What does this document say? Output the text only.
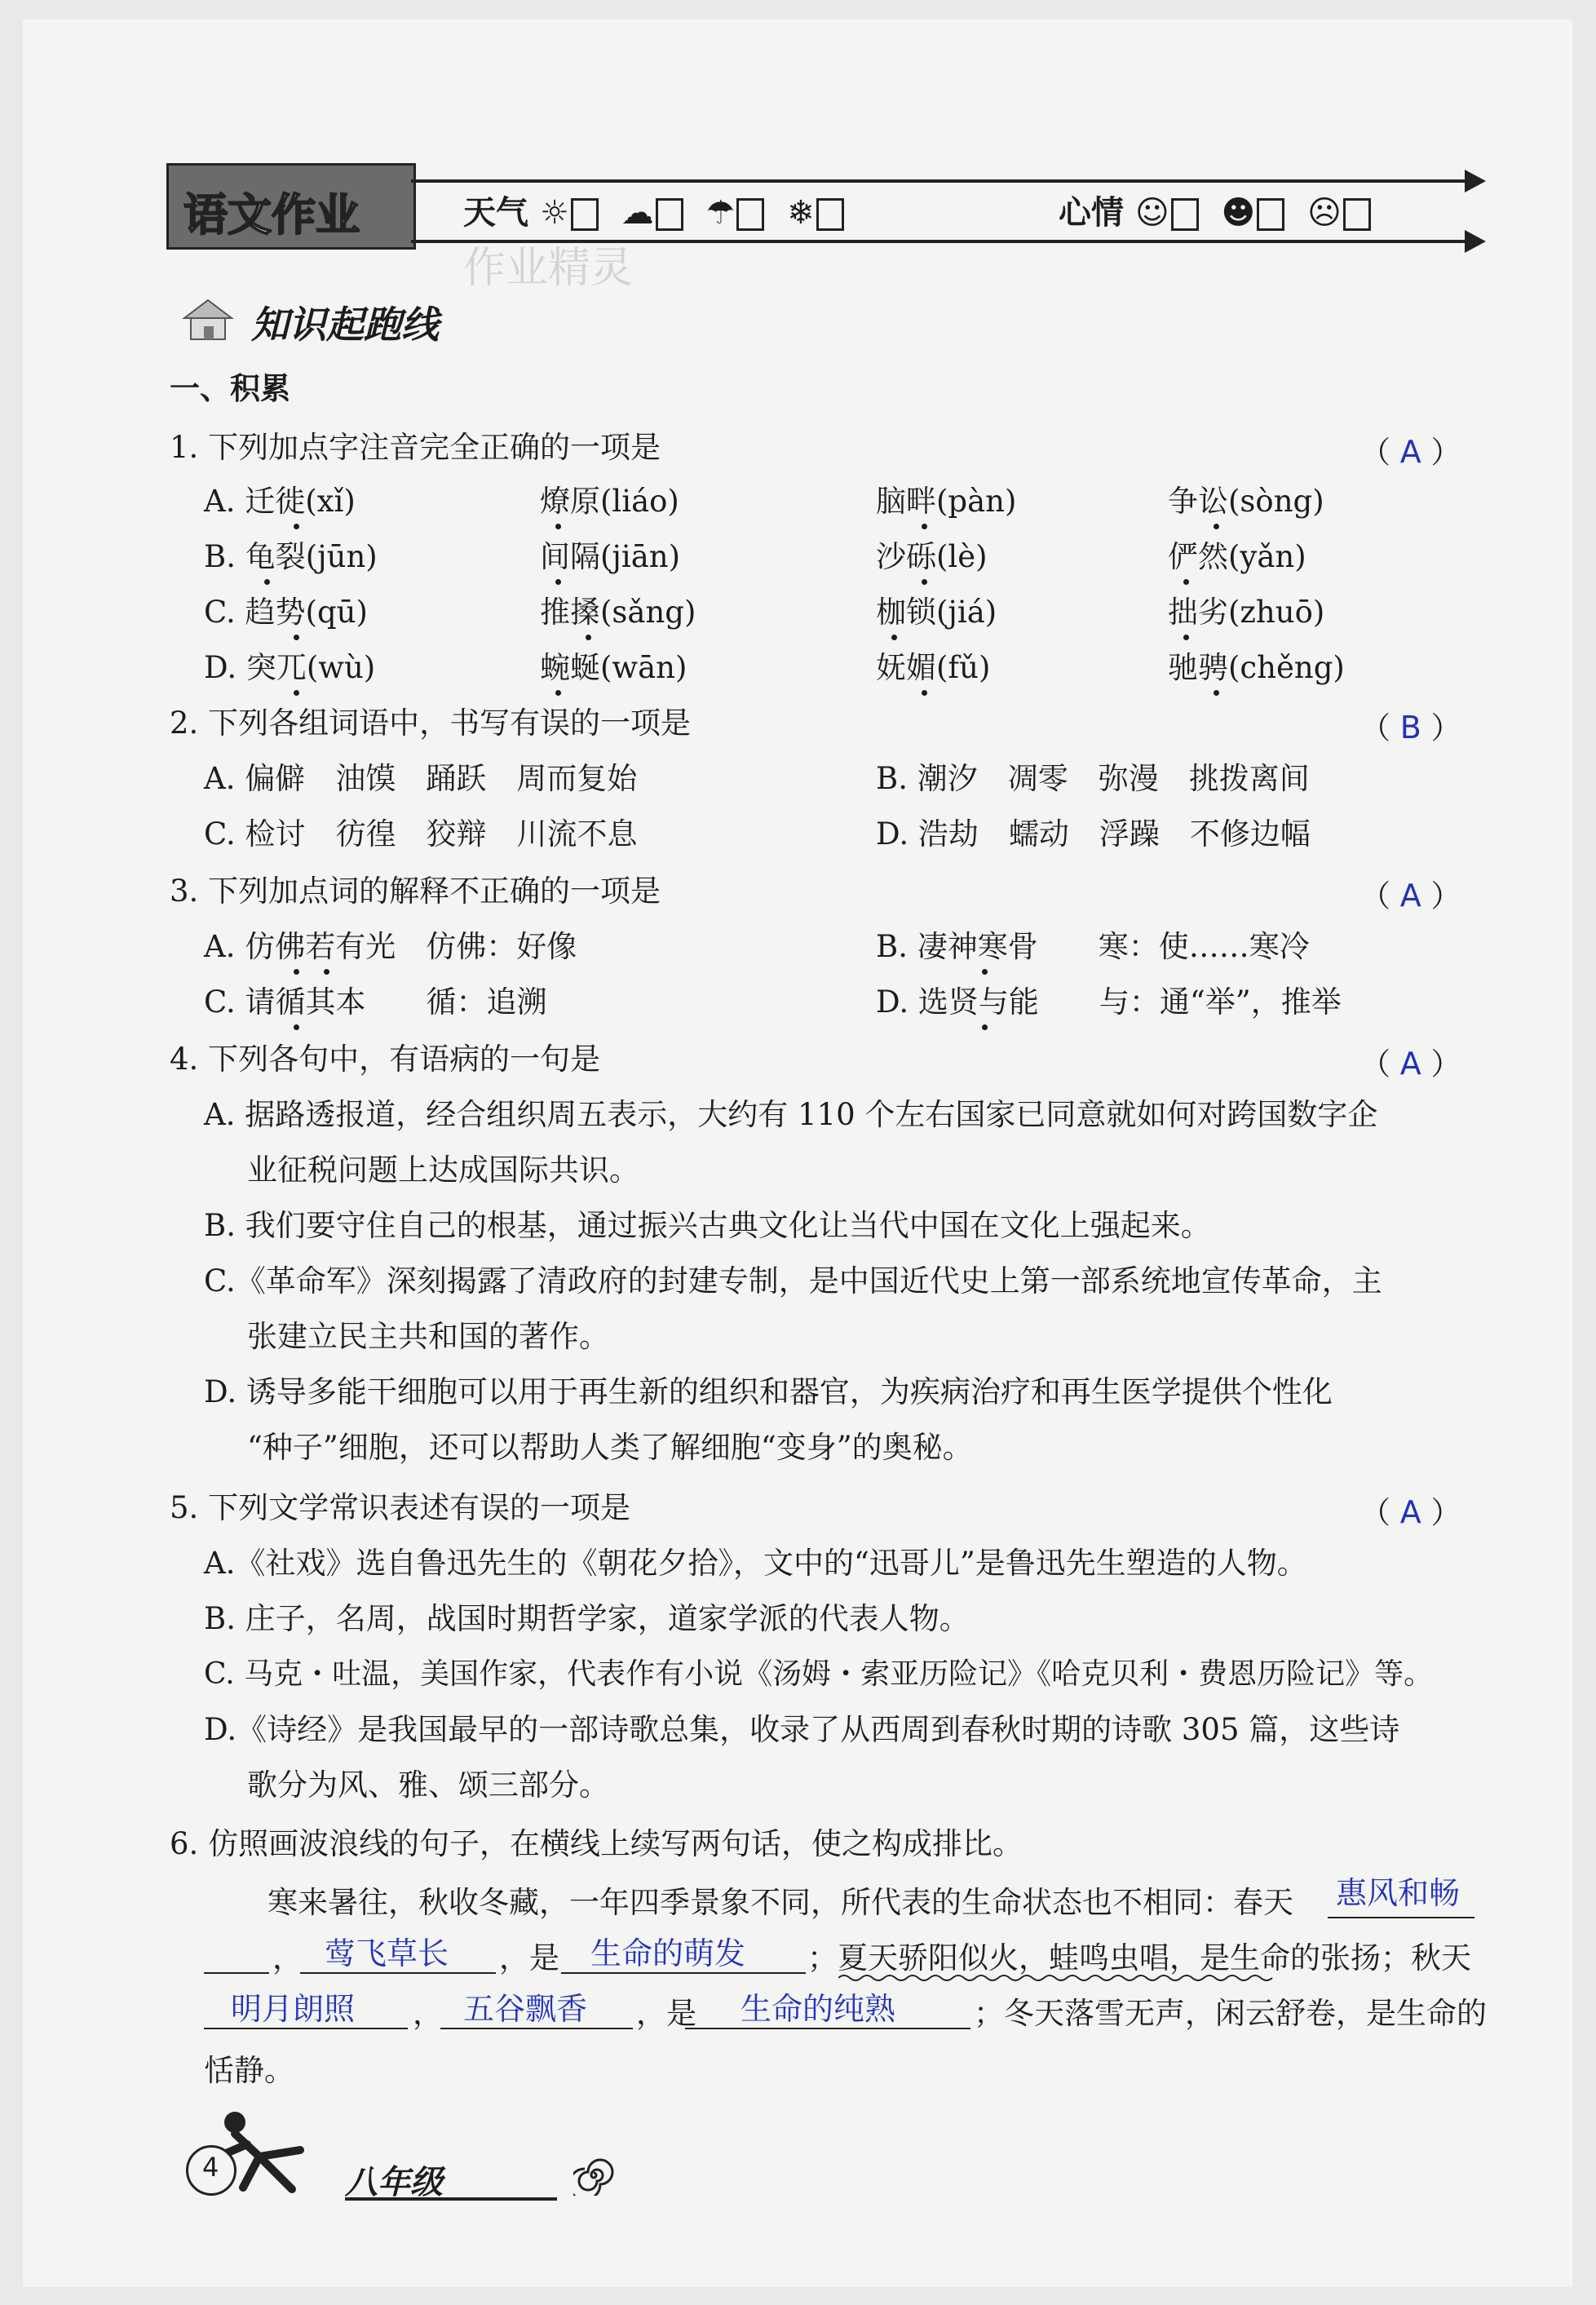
语文作业	天气 ☼ ☁ ☂ ❄	心情 ☺ ☻ ☹
作业精灵
知识起跑线
一、积累
1. 下列加点字注音完全正确的一项是	（ A ）
A. 迁徙(xǐ)	燎原(liáo)	脑畔(pàn)	争讼(sòng)
B. 龟裂(jūn)	间隔(jiān)	沙砾(lè)	俨然(yǎn)
C. 趋势(qū)	推搡(sǎng)	枷锁(jiá)	拙劣(zhuō)
D. 突兀(wù)	蜿蜒(wān)	妩媚(fǔ)	驰骋(chěng)
2. 下列各组词语中，书写有误的一项是	（ B ）
A. 偏僻　油馍　踊跃　周而复始	B. 潮汐　凋零　弥漫　挑拨离间
C. 检讨　彷徨　狡辩　川流不息	D. 浩劫　蠕动　浮躁　不修边幅
3. 下列加点词的解释不正确的一项是	（ A ）
A. 仿佛若有光　仿佛：好像	B. 凄神寒骨　　寒：使……寒冷
C. 请循其本　　循：追溯	D. 选贤与能　　与：通“举”，推举
4. 下列各句中，有语病的一句是	（ A ）
A. 据路透报道，经合组织周五表示，大约有 110 个左右国家已同意就如何对跨国数字企
业征税问题上达成国际共识。
B. 我们要守住自己的根基，通过振兴古典文化让当代中国在文化上强起来。
C.《革命军》深刻揭露了清政府的封建专制，是中国近代史上第一部系统地宣传革命，主
张建立民主共和国的著作。
D. 诱导多能干细胞可以用于再生新的组织和器官，为疾病治疗和再生医学提供个性化
“种子”细胞，还可以帮助人类了解细胞“变身”的奥秘。
5. 下列文学常识表述有误的一项是	（ A ）
A.《社戏》选自鲁迅先生的《朝花夕拾》，文中的“迅哥儿”是鲁迅先生塑造的人物。
B. 庄子，名周，战国时期哲学家，道家学派的代表人物。
C. 马克・吐温，美国作家，代表作有小说《汤姆・索亚历险记》《哈克贝利・费恩历险记》等。
D.《诗经》是我国最早的一部诗歌总集，收录了从西周到春秋时期的诗歌 305 篇，这些诗
歌分为风、雅、颂三部分。
6. 仿照画波浪线的句子，在横线上续写两句话，使之构成排比。
寒来暑往，秋收冬藏，一年四季景象不同，所代表的生命状态也不相同：春天 惠风和畅
， 莺飞草长 ，是 生命的萌发 ；夏天骄阳似火，蛙鸣虫唱，是生命的张扬；秋天
明月朗照 ， 五谷飘香 ，是 生命的纯熟	；冬天落雪无声，闲云舒卷，是生命的
恬静。
4	八年级
